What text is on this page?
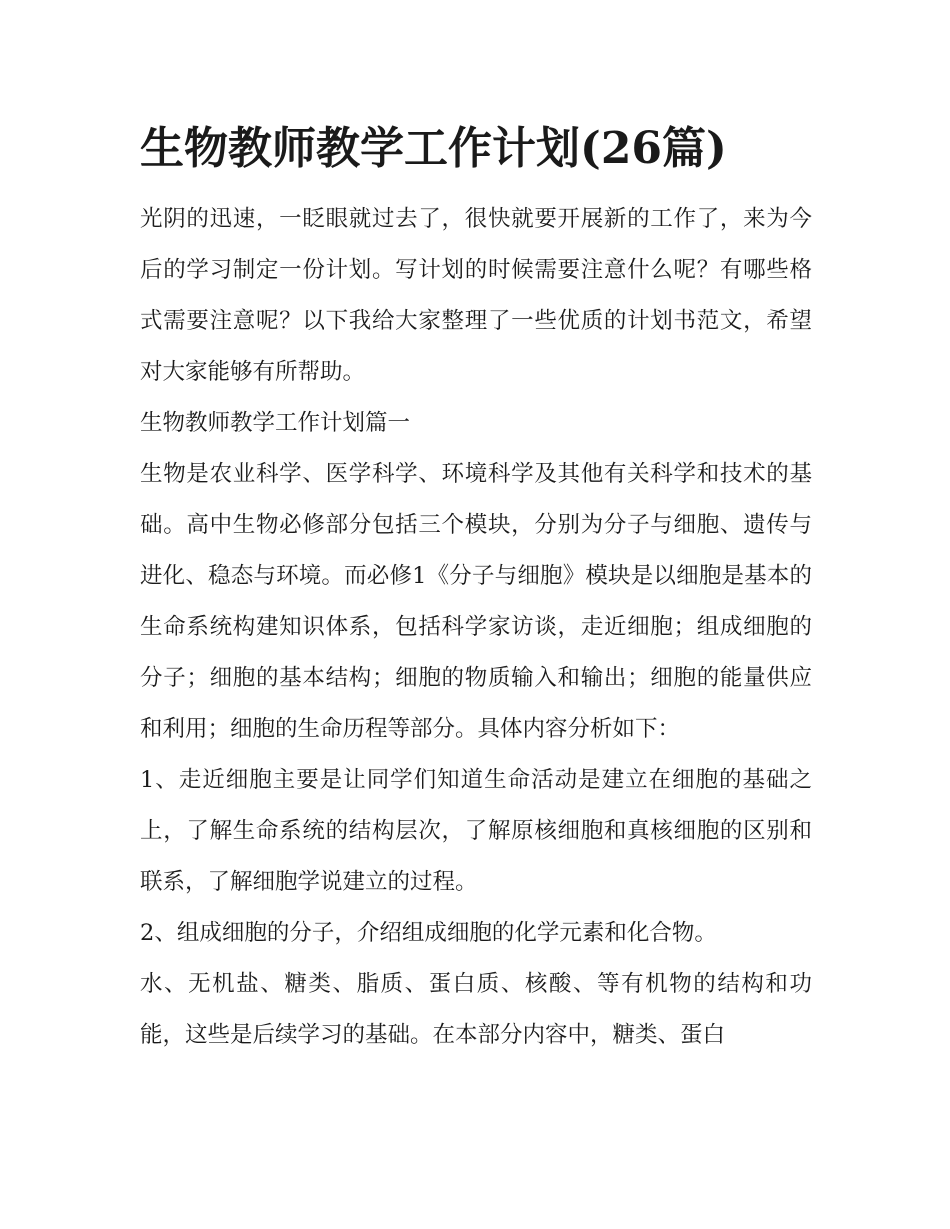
生物教师教学工作计划(26篇)

光阴的迅速，一眨眼就过去了，很快就要开展新的工作了，来为今后的学习制定一份计划。写计划的时候需要注意什么呢？有哪些格式需要注意呢？以下我给大家整理了一些优质的计划书范文，希望对大家能够有所帮助。

生物教师教学工作计划篇一

生物是农业科学、医学科学、环境科学及其他有关科学和技术的基础。高中生物必修部分包括三个模块，分别为分子与细胞、遗传与进化、稳态与环境。而必修1《分子与细胞》模块是以细胞是基本的生命系统构建知识体系，包括科学家访谈，走近细胞；组成细胞的分子；细胞的基本结构；细胞的物质输入和输出；细胞的能量供应和利用；细胞的生命历程等部分。具体内容分析如下：

1、走近细胞主要是让同学们知道生命活动是建立在细胞的基础之上，了解生命系统的结构层次，了解原核细胞和真核细胞的区别和联系，了解细胞学说建立的过程。

2、组成细胞的分子，介绍组成细胞的化学元素和化合物。

水、无机盐、糖类、脂质、蛋白质、核酸、等有机物的结构和功能，这些是后续学习的基础。在本部分内容中，糖类、蛋白
